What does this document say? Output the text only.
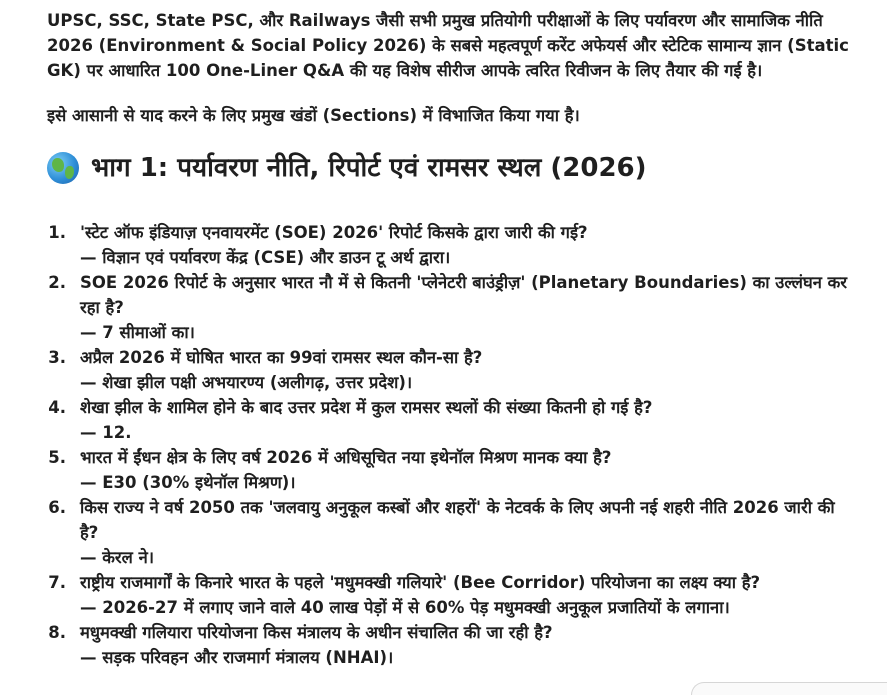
UPSC, SSC, State PSC, और Railways जैसी सभी प्रमुख प्रतियोगी परीक्षाओं के लिए पर्यावरण और सामाजिक नीति 2026 (Environment & Social Policy 2026) के सबसे महत्वपूर्ण करेंट अफेयर्स और स्टेटिक सामान्य ज्ञान (Static GK) पर आधारित 100 One-Liner Q&A की यह विशेष सीरीज आपके त्वरित रिवीजन के लिए तैयार की गई है।

इसे आसानी से याद करने के लिए प्रमुख खंडों (Sections) में विभाजित किया गया है।

भाग 1: पर्यावरण नीति, रिपोर्ट एवं रामसर स्थल (2026)
1. 'स्टेट ऑफ इंडियाज़ एनवायरमेंट (SOE) 2026' रिपोर्ट किसके द्वारा जारी की गई?
— विज्ञान एवं पर्यावरण केंद्र (CSE) और डाउन टू अर्थ द्वारा।
2. SOE 2026 रिपोर्ट के अनुसार भारत नौ में से कितनी 'प्लेनेटरी बाउंड्रीज़' (Planetary Boundaries) का उल्लंघन कर रहा है?
— 7 सीमाओं का।
3. अप्रैल 2026 में घोषित भारत का 99वां रामसर स्थल कौन-सा है?
— शेखा झील पक्षी अभयारण्य (अलीगढ़, उत्तर प्रदेश)।
4. शेखा झील के शामिल होने के बाद उत्तर प्रदेश में कुल रामसर स्थलों की संख्या कितनी हो गई है?
— 12.
5. भारत में ईंधन क्षेत्र के लिए वर्ष 2026 में अधिसूचित नया इथेनॉल मिश्रण मानक क्या है?
— E30 (30% इथेनॉल मिश्रण)।
6. किस राज्य ने वर्ष 2050 तक 'जलवायु अनुकूल कस्बों और शहरों' के नेटवर्क के लिए अपनी नई शहरी नीति 2026 जारी की है?
— केरल ने।
7. राष्ट्रीय राजमार्गों के किनारे भारत के पहले 'मधुमक्खी गलियारे' (Bee Corridor) परियोजना का लक्ष्य क्या है?
— 2026-27 में लगाए जाने वाले 40 लाख पेड़ों में से 60% पेड़ मधुमक्खी अनुकूल प्रजातियों के लगाना।
8. मधुमक्खी गलियारा परियोजना किस मंत्रालय के अधीन संचालित की जा रही है?
— सड़क परिवहन और राजमार्ग मंत्रालय (NHAI)।
